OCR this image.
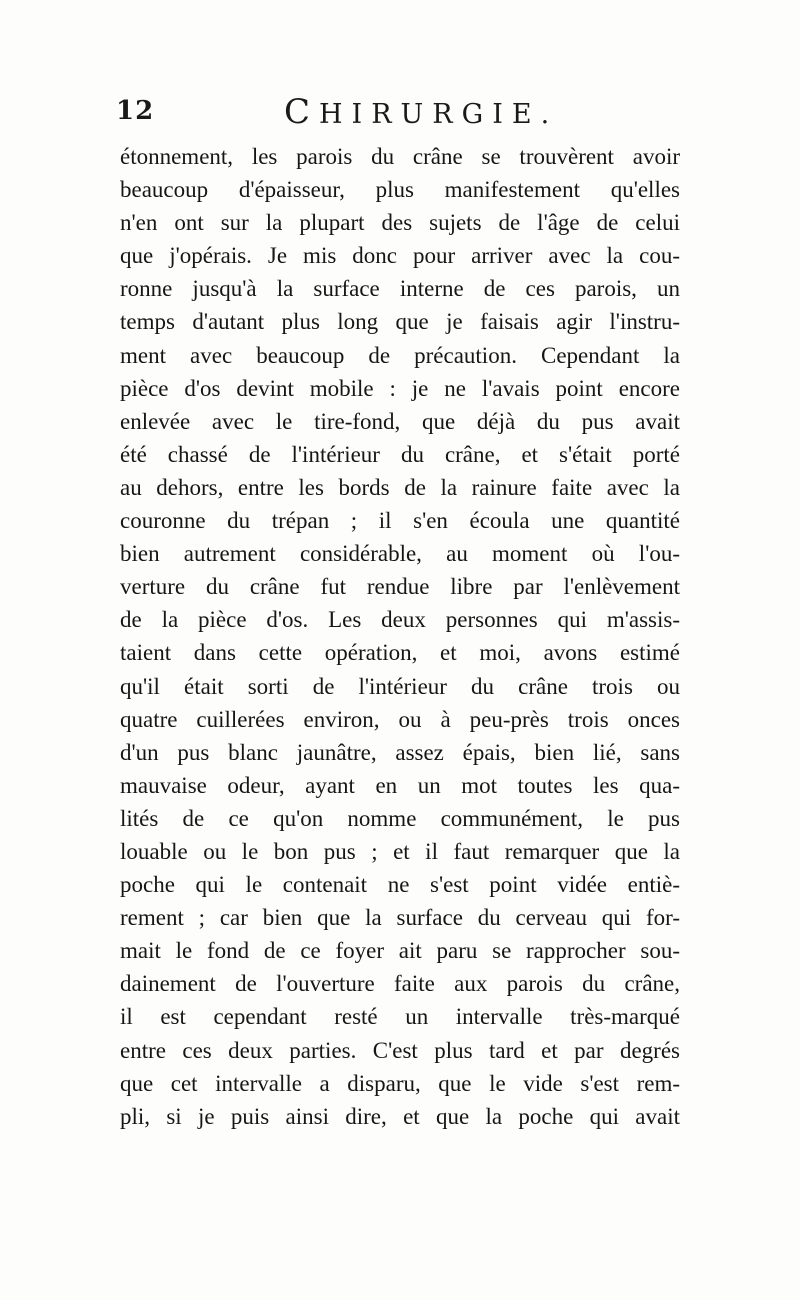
12	CHIRURGIE.
étonnement, les parois du crâne se trouvèrent avoir
beaucoup d'épaisseur, plus manifestement qu'elles
n'en ont sur la plupart des sujets de l'âge de celui
que j'opérais. Je mis donc pour arriver avec la cou-
ronne jusqu'à la surface interne de ces parois, un
temps d'autant plus long que je faisais agir l'instru-
ment avec beaucoup de précaution. Cependant la
pièce d'os devint mobile : je ne l'avais point encore
enlevée avec le tire-fond, que déjà du pus avait
été chassé de l'intérieur du crâne, et s'était porté
au dehors, entre les bords de la rainure faite avec la
couronne du trépan ; il s'en écoula une quantité
bien autrement considérable, au moment où l'ou-
verture du crâne fut rendue libre par l'enlèvement
de la pièce d'os. Les deux personnes qui m'assis-
taient dans cette opération, et moi, avons estimé
qu'il était sorti de l'intérieur du crâne trois ou
quatre cuillerées environ, ou à peu-près trois onces
d'un pus blanc jaunâtre, assez épais, bien lié, sans
mauvaise odeur, ayant en un mot toutes les qua-
lités de ce qu'on nomme communément, le pus
louable ou le bon pus ; et il faut remarquer que la
poche qui le contenait ne s'est point vidée entiè-
rement ; car bien que la surface du cerveau qui for-
mait le fond de ce foyer ait paru se rapprocher sou-
dainement de l'ouverture faite aux parois du crâne,
il est cependant resté un intervalle très-marqué
entre ces deux parties. C'est plus tard et par degrés
que cet intervalle a disparu, que le vide s'est rem-
pli, si je puis ainsi dire, et que la poche qui avait
